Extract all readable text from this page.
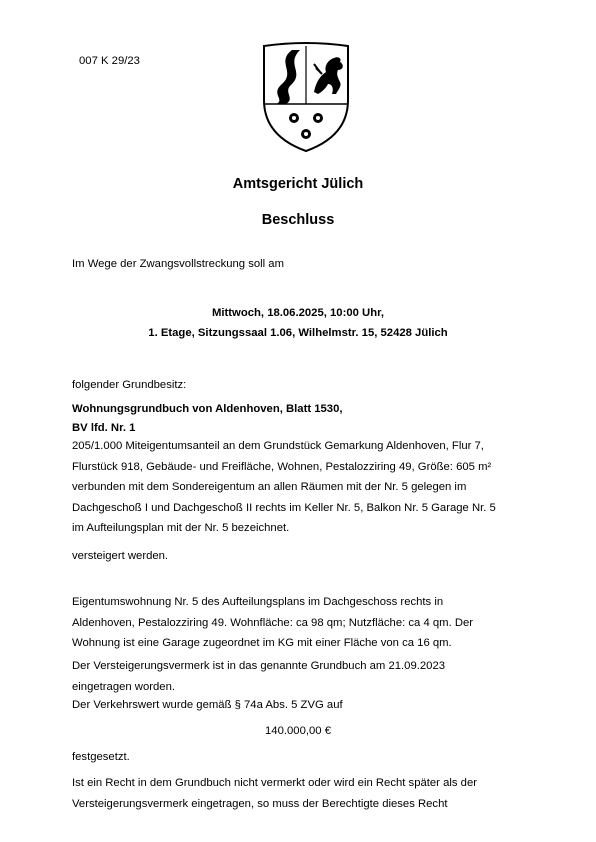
007 K 29/23
Amtsgericht Jülich
Beschluss
Im Wege der Zwangsvollstreckung soll am
Mittwoch, 18.06.2025, 10:00 Uhr,
1. Etage, Sitzungssaal 1.06, Wilhelmstr. 15, 52428 Jülich
folgender Grundbesitz:
Wohnungsgrundbuch von Aldenhoven, Blatt 1530,
BV lfd. Nr. 1
205/1.000 Miteigentumsanteil an dem Grundstück Gemarkung Aldenhoven, Flur 7,
Flurstück 918, Gebäude- und Freifläche, Wohnen, Pestalozziring 49, Größe: 605 m²
verbunden mit dem Sondereigentum an allen Räumen mit der Nr. 5 gelegen im
Dachgeschoß I und Dachgeschoß II rechts im Keller Nr. 5, Balkon Nr. 5 Garage Nr. 5
im Aufteilungsplan mit der Nr. 5 bezeichnet.
versteigert werden.
Eigentumswohnung Nr. 5 des Aufteilungsplans im Dachgeschoss rechts in
Aldenhoven, Pestalozziring 49. Wohnfläche: ca 98 qm; Nutzfläche: ca 4 qm. Der
Wohnung ist eine Garage zugeordnet im KG mit einer Fläche von ca 16 qm.
Der Versteigerungsvermerk ist in das genannte Grundbuch am 21.09.2023
eingetragen worden.
Der Verkehrswert wurde gemäß § 74a Abs. 5 ZVG auf
140.000,00 €
festgesetzt.
Ist ein Recht in dem Grundbuch nicht vermerkt oder wird ein Recht später als der
Versteigerungsvermerk eingetragen, so muss der Berechtigte dieses Recht
